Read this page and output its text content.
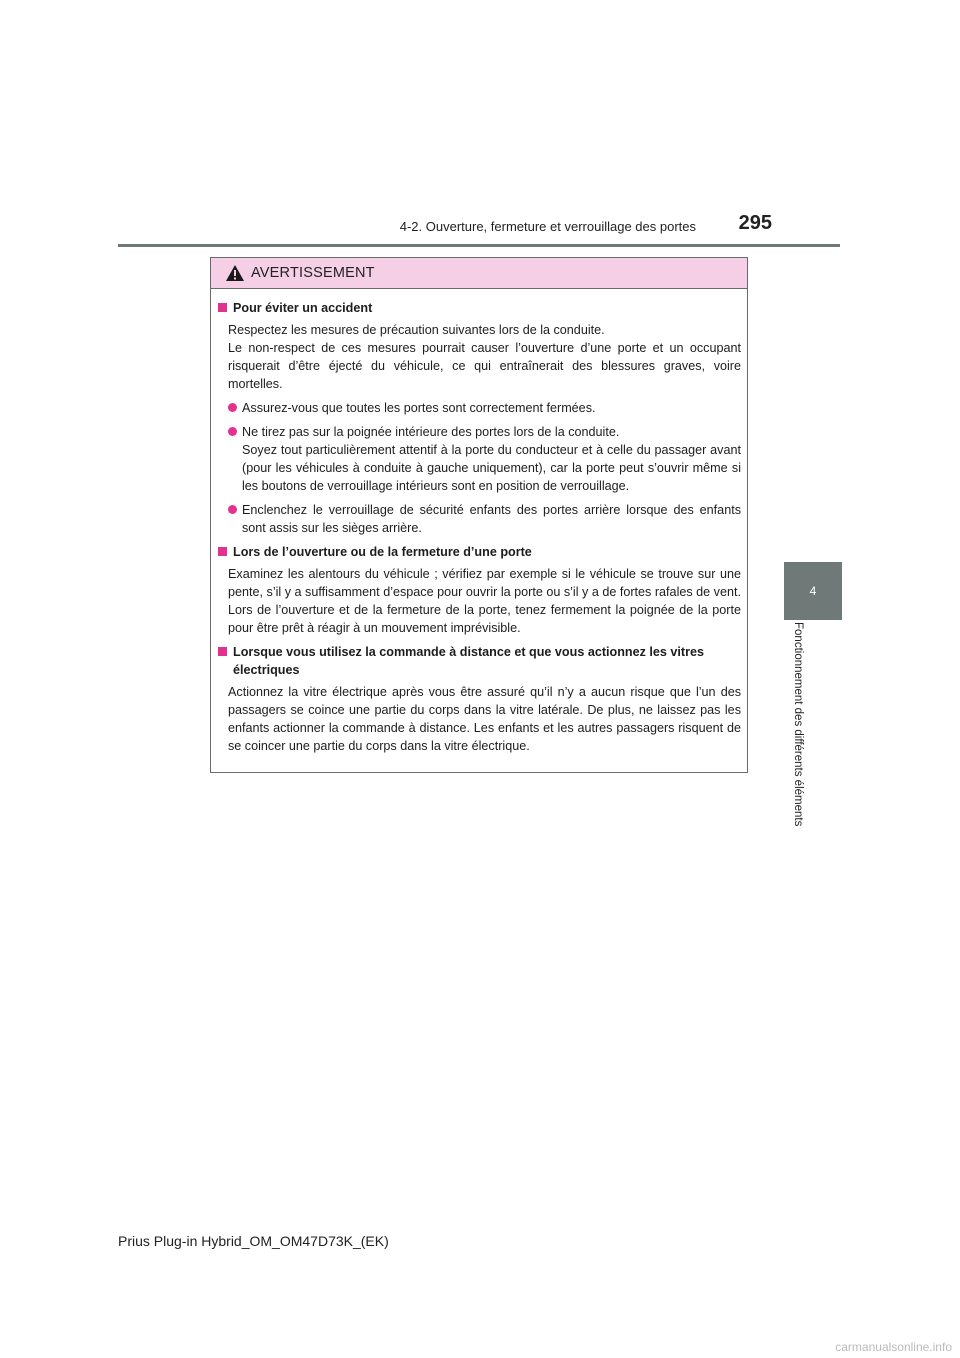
4-2. Ouverture, fermeture et verrouillage des portes 295
4
Fonctionnement des différents éléments
AVERTISSEMENT
Pour éviter un accident
Respectez les mesures de précaution suivantes lors de la conduite.
Le non-respect de ces mesures pourrait causer l’ouverture d’une porte et un occupant risquerait d’être éjecté du véhicule, ce qui entraînerait des blessures graves, voire mortelles.
Assurez-vous que toutes les portes sont correctement fermées.
Ne tirez pas sur la poignée intérieure des portes lors de la conduite.
Soyez tout particulièrement attentif à la porte du conducteur et à celle du passager avant (pour les véhicules à conduite à gauche uniquement), car la porte peut s’ouvrir même si les boutons de verrouillage intérieurs sont en position de verrouillage.
Enclenchez le verrouillage de sécurité enfants des portes arrière lorsque des enfants sont assis sur les sièges arrière.
Lors de l’ouverture ou de la fermeture d’une porte
Examinez les alentours du véhicule ; vérifiez par exemple si le véhicule se trouve sur une pente, s’il y a suffisamment d’espace pour ouvrir la porte ou s’il y a de fortes rafales de vent. Lors de l’ouverture et de la fermeture de la porte, tenez fermement la poignée de la porte pour être prêt à réagir à un mouvement imprévisible.
Lorsque vous utilisez la commande à distance et que vous actionnez les vitres électriques
Actionnez la vitre électrique après vous être assuré qu’il n’y a aucun risque que l’un des passagers se coince une partie du corps dans la vitre latérale. De plus, ne laissez pas les enfants actionner la commande à distance. Les enfants et les autres passagers risquent de se coincer une partie du corps dans la vitre électrique.
Prius Plug-in Hybrid_OM_OM47D73K_(EK)
carmanualsonline.info
